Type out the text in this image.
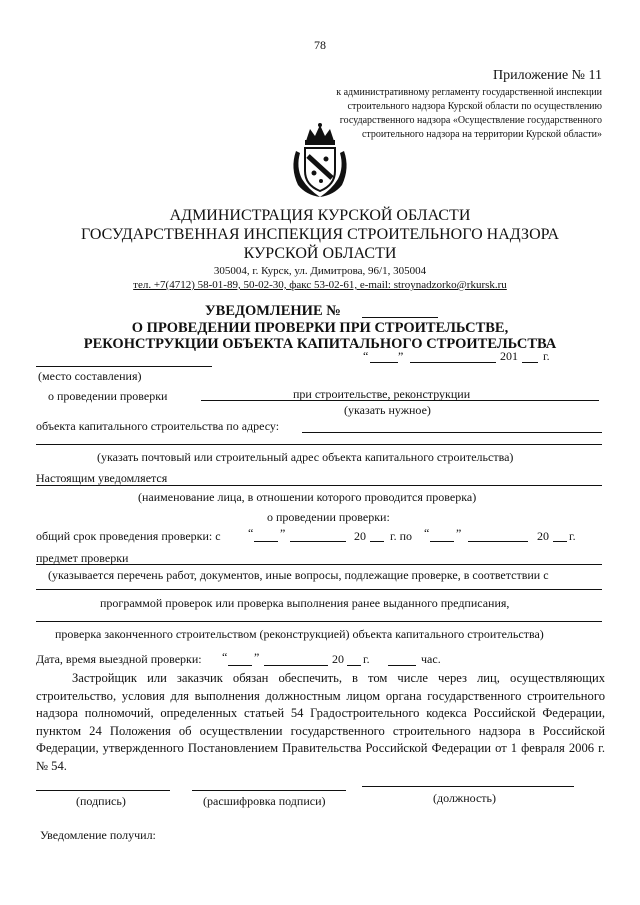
78
Приложение № 11
к административному регламенту государственной инспекции
строительного надзора Курской области по осуществлению
государственного надзора «Осуществление государственного
строительного надзора на территории Курской области»
АДМИНИСТРАЦИЯ КУРСКОЙ ОБЛАСТИ
ГОСУДАРСТВЕННАЯ ИНСПЕКЦИЯ СТРОИТЕЛЬНОГО НАДЗОРА
КУРСКОЙ ОБЛАСТИ
305004, г. Курск, ул. Димитрова, 96/1, 305004
тел. +7(4712) 58-01-89, 50-02-30, факс 53-02-61, e-mail: stroynadzorko@rkursk.ru
УВЕДОМЛЕНИЕ №
О ПРОВЕДЕНИИ ПРОВЕРКИ ПРИ СТРОИТЕЛЬСТВЕ,
РЕКОНСТРУКЦИИ ОБЪЕКТА КАПИТАЛЬНОГО СТРОИТЕЛЬСТВА
“ ”	201 г.
(место составления)
о проведении проверки	при строительстве, реконструкции
(указать нужное)
объекта капитального строительства по адресу:
(указать почтовый или строительный адрес объекта капитального строительства)
Настоящим уведомляется
(наименование лица, в отношении которого проводится проверка)
о проведении проверки:
общий срок проведения проверки: с “ ”	20 г. по “ ”	20 г.
предмет проверки
(указывается перечень работ, документов, иные вопросы, подлежащие проверке, в соответствии с
программой проверок или проверка выполнения ранее выданного предписания,
проверка законченного строительством (реконструкцией) объекта капитального строительства)
Дата, время выездной проверки: “ ”	20 г.	час.
Застройщик или заказчик обязан обеспечить, в том числе через лиц, осуществляющих строительство, условия для выполнения должностным лицом органа государственного строительного надзора полномочий, определенных статьей 54 Градостроительного кодекса Российской Федерации, пунктом 24 Положения об осуществлении государственного строительного надзора в Российской Федерации, утвержденного Постановлением Правительства Российской Федерации от 1 февраля 2006 г. № 54.
(подпись)	(расшифровка подписи)	(должность)
Уведомление получил:
